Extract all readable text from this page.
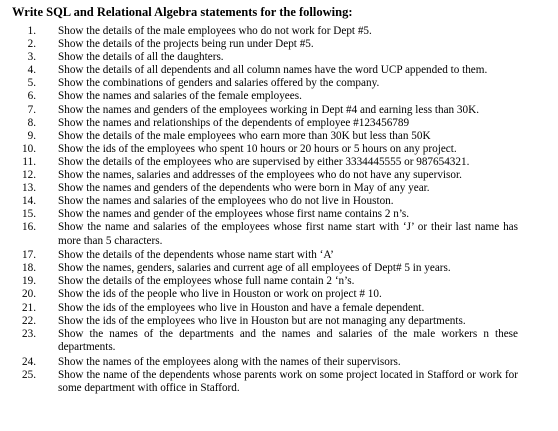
Write SQL and Relational Algebra statements for the following:
1. Show the details of the male employees who do not work for Dept #5.
2. Show the details of the projects being run under Dept #5.
3. Show the details of all the daughters.
4. Show the details of all dependents and all column names have the word UCP appended to them.
5. Show the combinations of genders and salaries offered by the company.
6. Show the names and salaries of the female employees.
7. Show the names and genders of the employees working in Dept #4 and earning less than 30K.
8. Show the names and relationships of the dependents of employee #123456789
9. Show the details of the male employees who earn more than 30K but less than 50K
10. Show the ids of the employees who spent 10 hours or 20 hours or 5 hours on any project.
11. Show the details of the employees who are supervised by either 3334445555 or 987654321.
12. Show the names, salaries and addresses of the employees who do not have any supervisor.
13. Show the names and genders of the dependents who were born in May of any year.
14. Show the names and salaries of the employees who do not live in Houston.
15. Show the names and gender of the employees whose first name contains 2 n’s.
16. Show the name and salaries of the employees whose first name start with ‘J’ or their last name has more than 5 characters.
17. Show the details of the dependents whose name start with ‘A’
18. Show the names, genders, salaries and current age of all employees of Dept# 5 in years.
19. Show the details of the employees whose full name contain 2 ‘n’s.
20. Show the ids of the people who live in Houston or work on project # 10.
21. Show the ids of the employees who live in Houston and have a female dependent.
22. Show the ids of the employees who live in Houston but are not managing any departments.
23. Show the names of the departments and the names and salaries of the male workers n these departments.
24. Show the names of the employees along with the names of their supervisors.
25. Show the name of the dependents whose parents work on some project located in Stafford or work for some department with office in Stafford.
